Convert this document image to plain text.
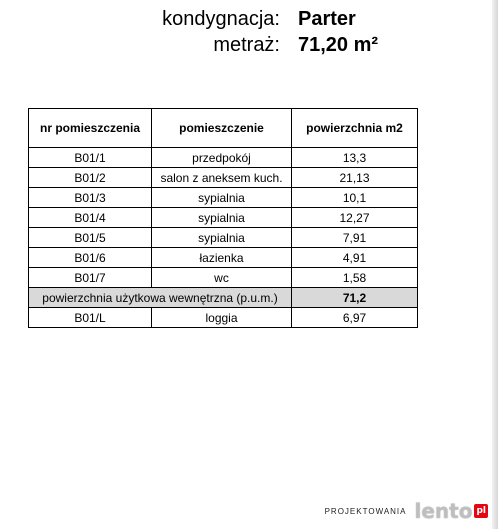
kondygnacja: Parter
metraż: 71,20 m²
nr pomieszczenia	pomieszczenie	powierzchnia m2
B01/1	przedpokój	13,3
B01/2	salon z aneksem kuch.	21,13
B01/3	sypialnia	10,1
B01/4	sypialnia	12,27
B01/5	sypialnia	7,91
B01/6	łazienka	4,91
B01/7	wc	1,58
powierzchnia użytkowa wewnętrzna (p.u.m.)		71,2
B01/L	loggia	6,97
PROJEKTOWANIA lento pl
